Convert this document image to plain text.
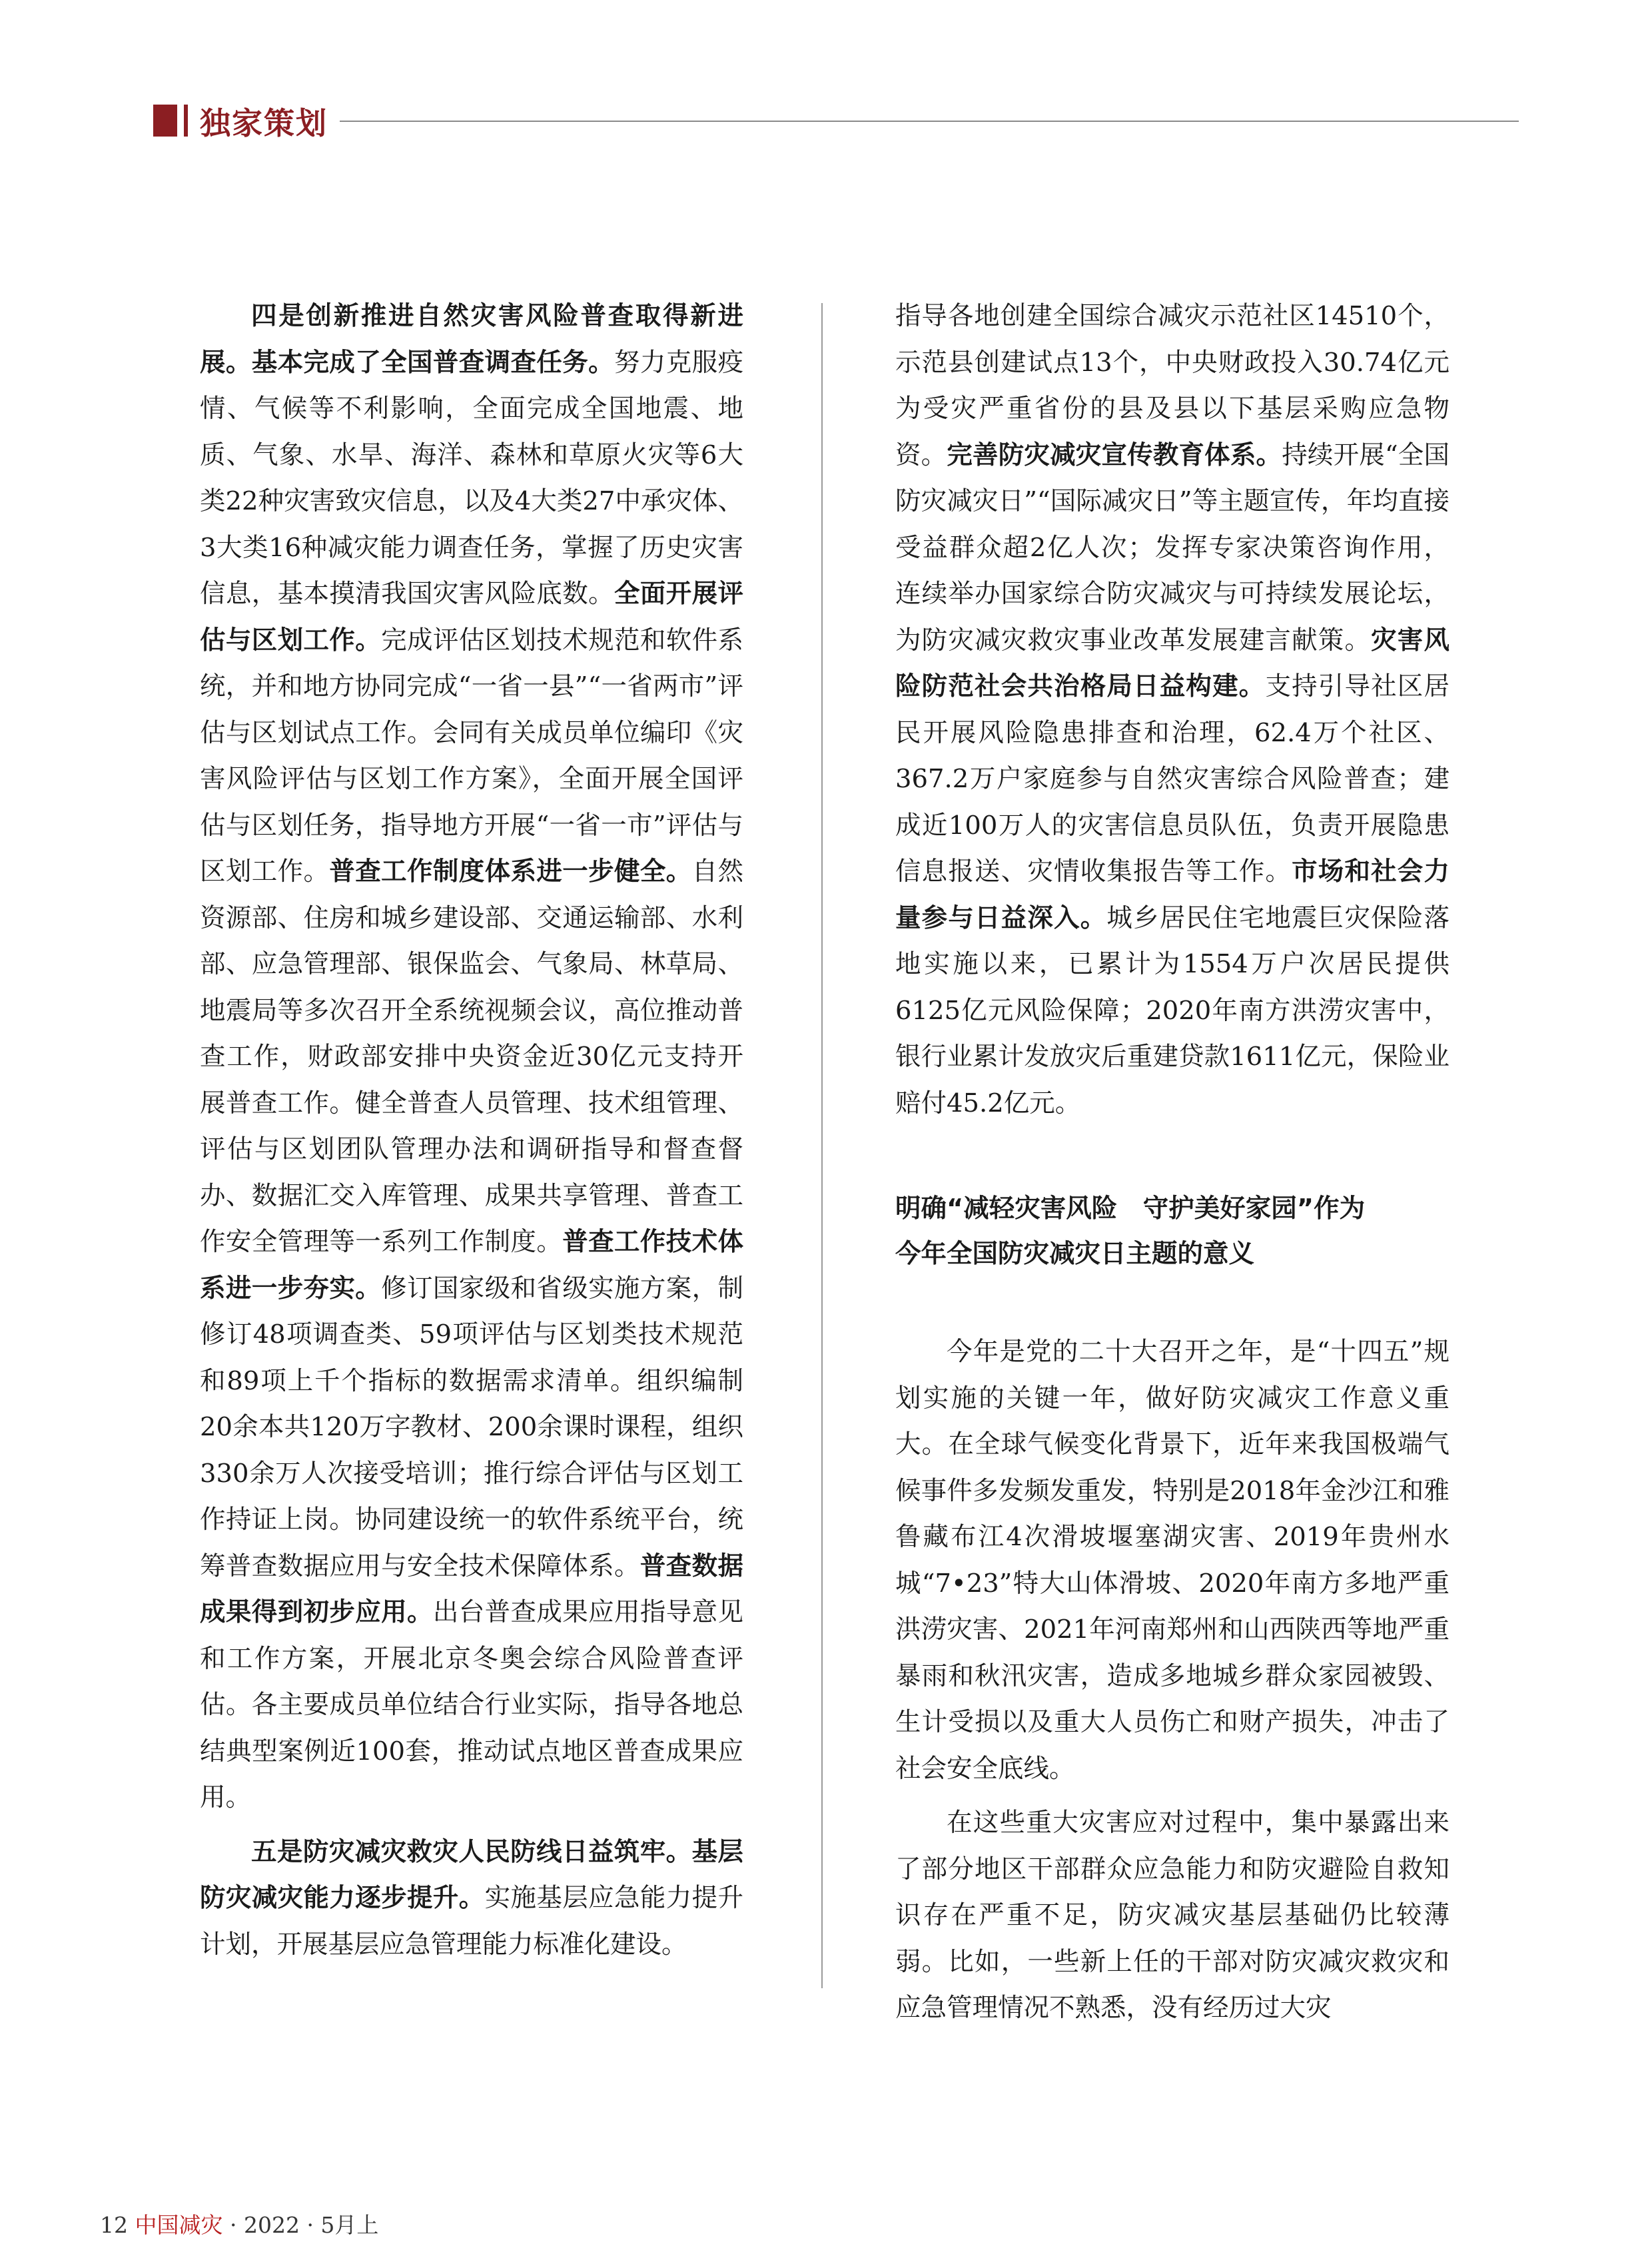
独家策划

四是创新推进自然灾害风险普查取得新进展。基本完成了全国普查调查任务。努力克服疫情、气候等不利影响，全面完成全国地震、地质、气象、水旱、海洋、森林和草原火灾等6大类22种灾害致灾信息，以及4大类27中承灾体、3大类16种减灾能力调查任务，掌握了历史灾害信息，基本摸清我国灾害风险底数。全面开展评估与区划工作。完成评估区划技术规范和软件系统，并和地方协同完成“一省一县”“一省两市”评估与区划试点工作。会同有关成员单位编印《灾害风险评估与区划工作方案》，全面开展全国评估与区划任务，指导地方开展“一省一市”评估与区划工作。普查工作制度体系进一步健全。自然资源部、住房和城乡建设部、交通运输部、水利部、应急管理部、银保监会、气象局、林草局、地震局等多次召开全系统视频会议，高位推动普查工作，财政部安排中央资金近30亿元支持开展普查工作。健全普查人员管理、技术组管理、评估与区划团队管理办法和调研指导和督查督办、数据汇交入库管理、成果共享管理、普查工作安全管理等一系列工作制度。普查工作技术体系进一步夯实。修订国家级和省级实施方案，制修订48项调查类、59项评估与区划类技术规范和89项上千个指标的数据需求清单。组织编制20余本共120万字教材、200余课时课程，组织330余万人次接受培训；推行综合评估与区划工作持证上岗。协同建设统一的软件系统平台，统筹普查数据应用与安全技术保障体系。普查数据成果得到初步应用。出台普查成果应用指导意见和工作方案，开展北京冬奥会综合风险普查评估。各主要成员单位结合行业实际，指导各地总结典型案例近100套，推动试点地区普查成果应用。

五是防灾减灾救灾人民防线日益筑牢。基层防灾减灾能力逐步提升。实施基层应急能力提升计划，开展基层应急管理能力标准化建设。

指导各地创建全国综合减灾示范社区14510个，示范县创建试点13个，中央财政投入30.74亿元为受灾严重省份的县及县以下基层采购应急物资。完善防灾减灾宣传教育体系。持续开展“全国防灾减灾日”“国际减灾日”等主题宣传，年均直接受益群众超2亿人次；发挥专家决策咨询作用，连续举办国家综合防灾减灾与可持续发展论坛，为防灾减灾救灾事业改革发展建言献策。灾害风险防范社会共治格局日益构建。支持引导社区居民开展风险隐患排查和治理，62.4万个社区、367.2万户家庭参与自然灾害综合风险普查；建成近100万人的灾害信息员队伍，负责开展隐患信息报送、灾情收集报告等工作。市场和社会力量参与日益深入。城乡居民住宅地震巨灾保险落地实施以来，已累计为1554万户次居民提供6125亿元风险保障；2020年南方洪涝灾害中，银行业累计发放灾后重建贷款1611亿元，保险业赔付45.2亿元。

明确“减轻灾害风险　守护美好家园”作为
今年全国防灾减灾日主题的意义

今年是党的二十大召开之年，是“十四五”规划实施的关键一年，做好防灾减灾工作意义重大。在全球气候变化背景下，近年来我国极端气候事件多发频发重发，特别是2018年金沙江和雅鲁藏布江4次滑坡堰塞湖灾害、2019年贵州水城“7•23”特大山体滑坡、2020年南方多地严重洪涝灾害、2021年河南郑州和山西陕西等地严重暴雨和秋汛灾害，造成多地城乡群众家园被毁、生计受损以及重大人员伤亡和财产损失，冲击了社会安全底线。

在这些重大灾害应对过程中，集中暴露出来了部分地区干部群众应急能力和防灾避险自救知识存在严重不足，防灾减灾基层基础仍比较薄弱。比如，一些新上任的干部对防灾减灾救灾和应急管理情况不熟悉，没有经历过大灾

12 中国减灾 · 2022 · 5月上
